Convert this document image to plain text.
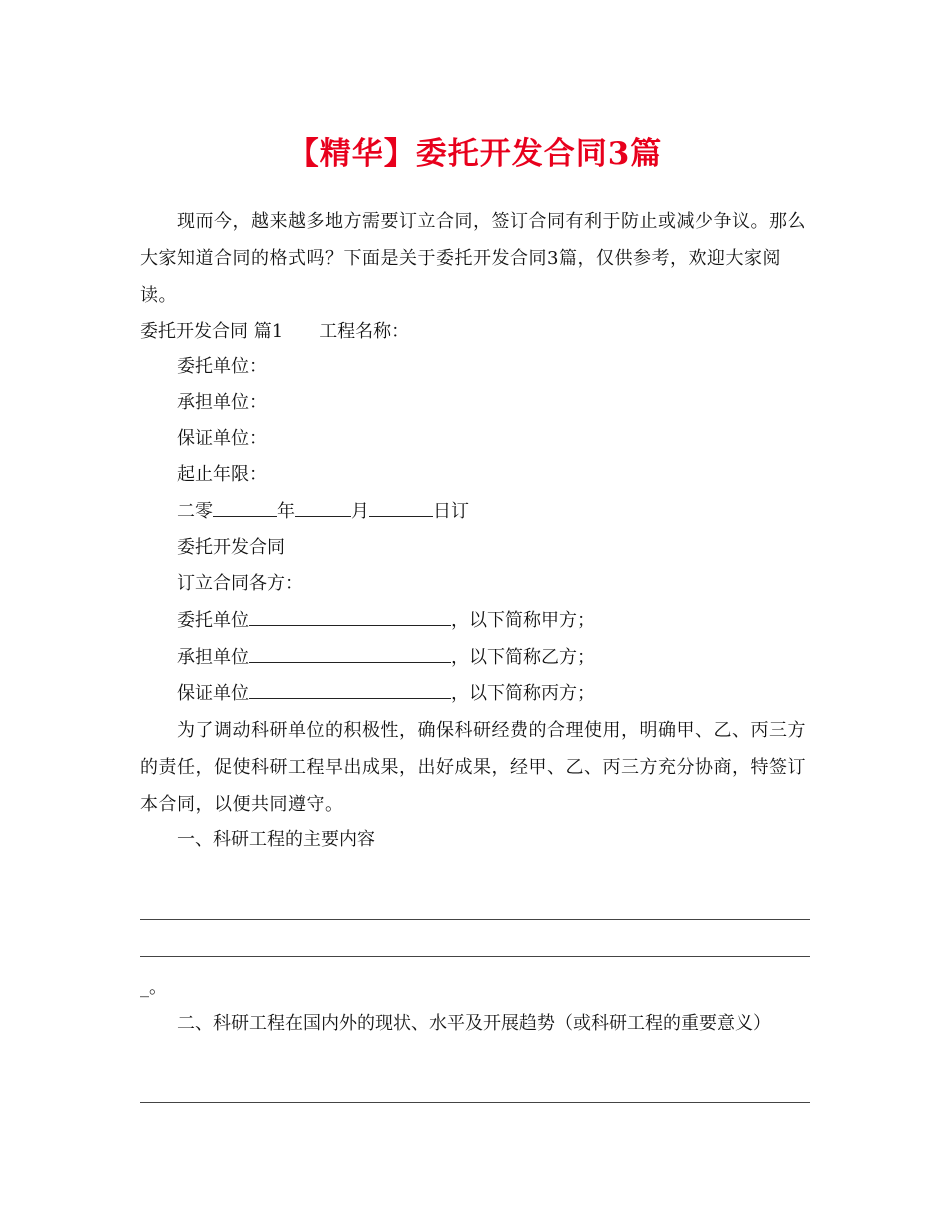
【精华】委托开发合同3篇

现而今，越来越多地方需要订立合同，签订合同有利于防止或减少争议。那么大家知道合同的格式吗？下面是关于委托开发合同3篇，仅供参考，欢迎大家阅读。

委托开发合同 篇1 工程名称：

委托单位：

承担单位：

保证单位：

起止年限：

二零	年	月	日订

委托开发合同

订立合同各方：

委托单位	，以下简称甲方；

承担单位	，以下简称乙方；

保证单位	，以下简称丙方；

为了调动科研单位的积极性，确保科研经费的合理使用，明确甲、乙、丙三方的责任，促使科研工程早出成果，出好成果，经甲、乙、丙三方充分协商，特签订本合同，以便共同遵守。

一、科研工程的主要内容

_。

二、科研工程在国内外的现状、水平及开展趋势（或科研工程的重要意义）
